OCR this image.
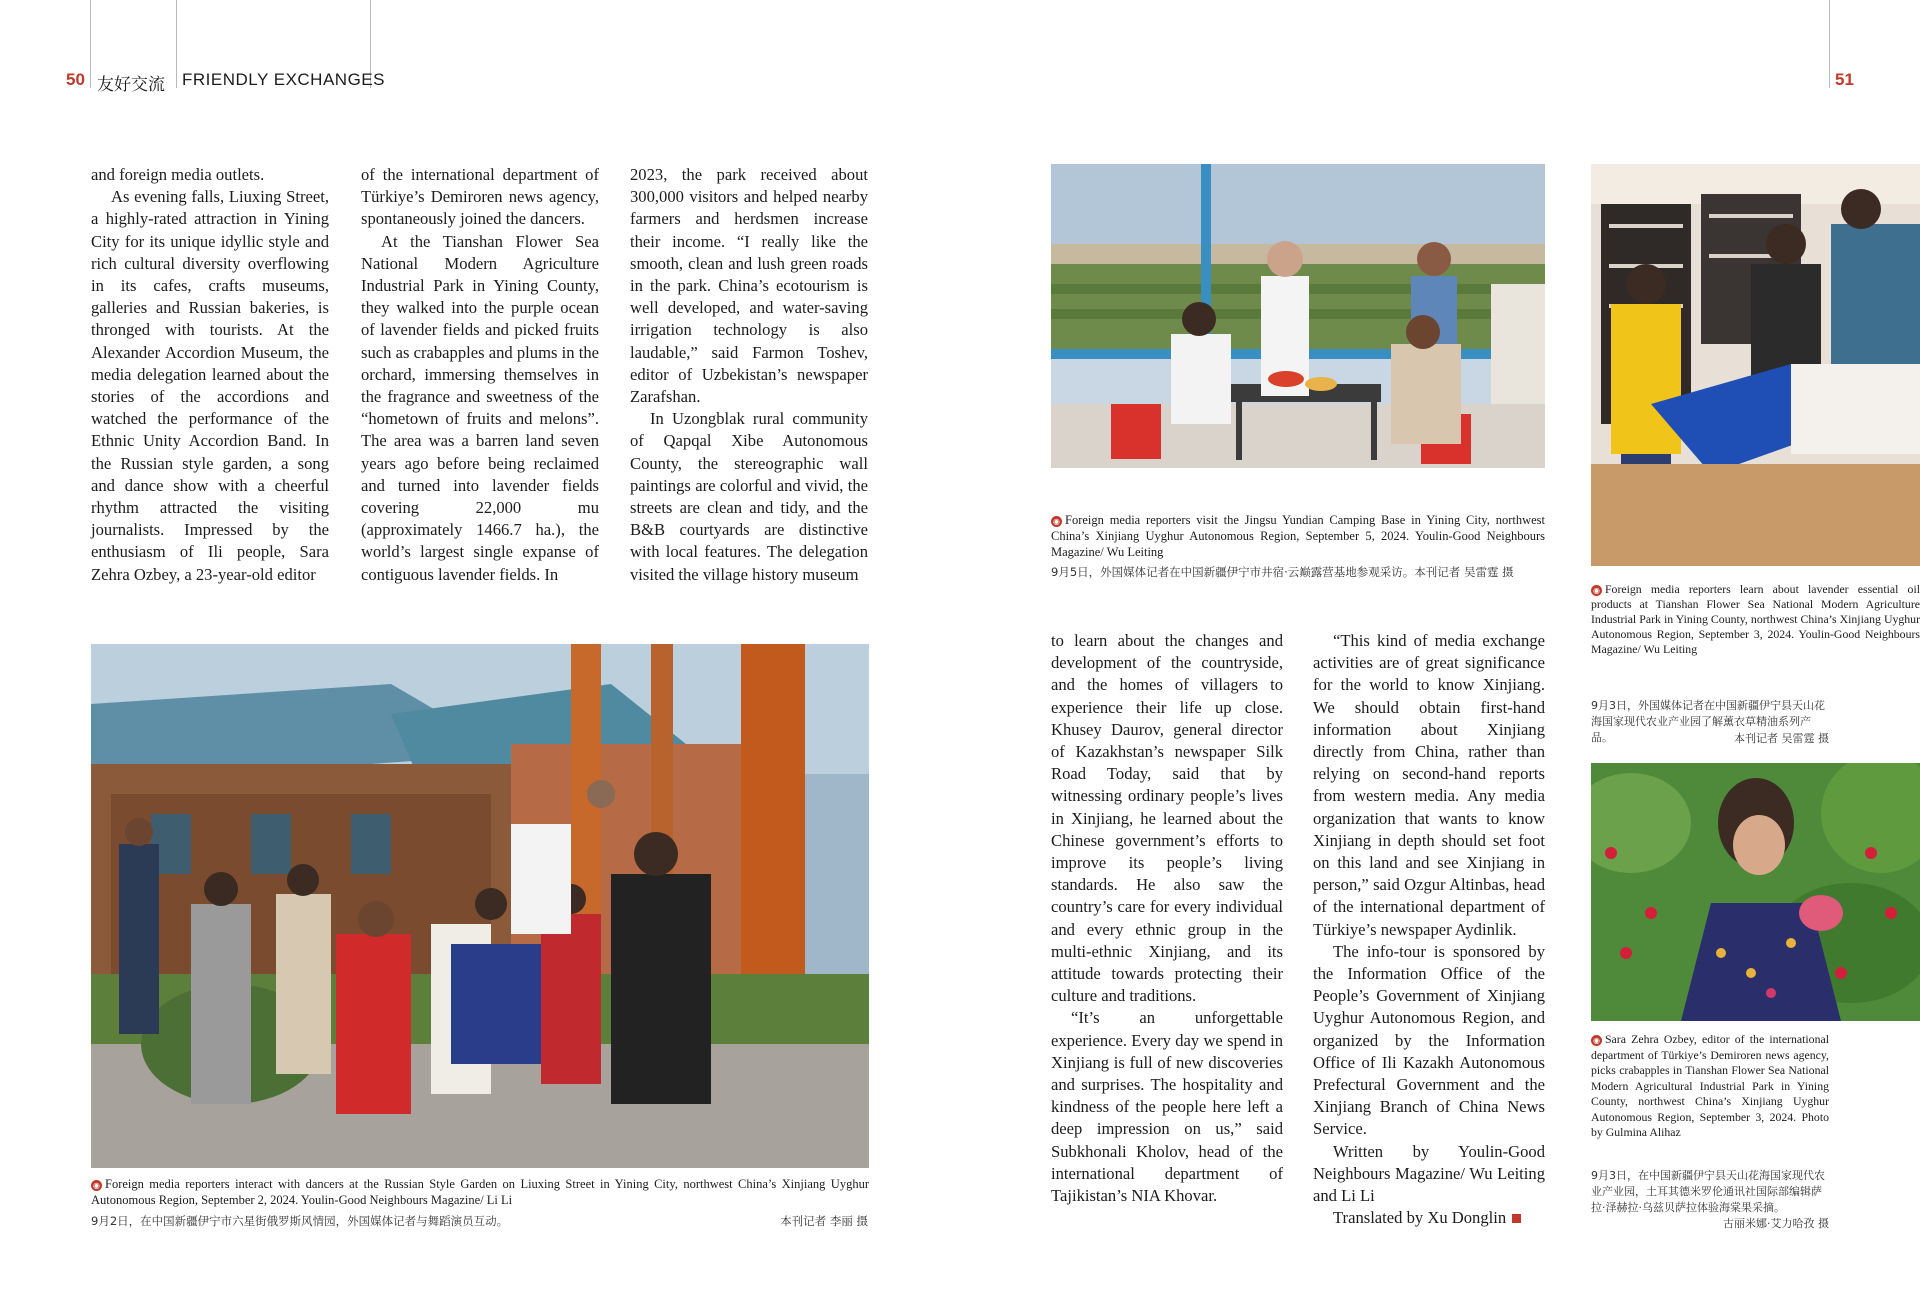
50 友好交流 FRIENDLY EXCHANGES	51

and foreign media outlets.

As evening falls, Liuxing Street, a highly-rated attraction in Yining City for its unique idyllic style and rich cultural diversity overflowing in its cafes, crafts museums, galleries and Russian bakeries, is thronged with tourists. At the Alexander Accordion Museum, the media delegation learned about the stories of the accordions and watched the performance of the Ethnic Unity Accordion Band. In the Russian style garden, a song and dance show with a cheerful rhythm attracted the visiting journalists. Impressed by the enthusiasm of Ili people, Sara Zehra Ozbey, a 23-year-old editor

of the international department of Türkiye’s Demiroren news agency, spontaneously joined the dancers.

At the Tianshan Flower Sea National Modern Agriculture Industrial Park in Yining County, they walked into the purple ocean of lavender fields and picked fruits such as crabapples and plums in the orchard, immersing themselves in the fragrance and sweetness of the “hometown of fruits and melons”. The area was a barren land seven years ago before being reclaimed and turned into lavender fields covering 22,000 mu (approximately 1466.7 ha.), the world’s largest single expanse of contiguous lavender fields. In

2023, the park received about 300,000 visitors and helped nearby farmers and herdsmen increase their income. “I really like the smooth, clean and lush green roads in the park. China’s ecotourism is well developed, and water-saving irrigation technology is also laudable,” said Farmon Toshev, editor of Uzbekistan’s newspaper Zarafshan.

In Uzongblak rural community of Qapqal Xibe Autonomous County, the stereographic wall paintings are colorful and vivid, the streets are clean and tidy, and the B&B courtyards are distinctive with local features. The delegation visited the village history museum

◉ Foreign media reporters interact with dancers at the Russian Style Garden on Liuxing Street in Yining City, northwest China’s Xinjiang Uyghur Autonomous Region, September 2, 2024. Youlin-Good Neighbours Magazine/ Li Li
9月2日，在中国新疆伊宁市六星街俄罗斯风情园，外国媒体记者与舞蹈演员互动。	本刊记者 李丽 摄
◉ Foreign media reporters visit the Jingsu Yundian Camping Base in Yining City, northwest China’s Xinjiang Uyghur Autonomous Region, September 5, 2024. Youlin-Good Neighbours Magazine/ Wu Leiting
9月5日，外国媒体记者在中国新疆伊宁市井宿·云巅露营基地参观采访。本刊记者 吴雷霆 摄

to learn about the changes and development of the countryside, and the homes of villagers to experience their life up close. Khusey Daurov, general director of Kazakhstan’s newspaper Silk Road Today, said that by witnessing ordinary people’s lives in Xinjiang, he learned about the Chinese government’s efforts to improve its people’s living standards. He also saw the country’s care for every individual and every ethnic group in the multi-ethnic Xinjiang, and its attitude towards protecting their culture and traditions.

“It’s an unforgettable experience. Every day we spend in Xinjiang is full of new discoveries and surprises. The hospitality and kindness of the people here left a deep impression on us,” said Subkhonali Kholov, head of the international department of Tajikistan’s NIA Khovar.

“This kind of media exchange activities are of great significance for the world to know Xinjiang. We should obtain first-hand information about Xinjiang directly from China, rather than relying on second-hand reports from western media. Any media organization that wants to know Xinjiang in depth should set foot on this land and see Xinjiang in person,” said Ozgur Altinbas, head of the international department of Türkiye’s newspaper Aydinlik.

The info-tour is sponsored by the Information Office of the People’s Government of Xinjiang Uyghur Autonomous Region, and organized by the Information Office of Ili Kazakh Autonomous Prefectural Government and the Xinjiang Branch of China News Service.

Written by Youlin-Good Neighbours Magazine/ Wu Leiting and Li Li

Translated by Xu Donglin

◉ Foreign media reporters learn about lavender essential oil products at Tianshan Flower Sea National Modern Agriculture Industrial Park in Yining County, northwest China’s Xinjiang Uyghur Autonomous Region, September 3, 2024. Youlin-Good Neighbours Magazine/ Wu Leiting
9月3日，外国媒体记者在中国新疆伊宁县天山花海国家现代农业产业园了解薰衣草精油系列产品。	本刊记者 吴雷霆 摄
◉ Sara Zehra Ozbey, editor of the international department of Türkiye’s Demiroren news agency, picks crabapples in Tianshan Flower Sea National Modern Agricultural Industrial Park in Yining County, northwest China’s Xinjiang Uyghur Autonomous Region, September 3, 2024. Photo by Gulmina Alihaz
9月3日，在中国新疆伊宁县天山花海国家现代农业产业园，土耳其德米罗伦通讯社国际部编辑萨拉·泽赫拉·乌兹贝萨拉体验海棠果采摘。
古丽米娜·艾力哈孜 摄
